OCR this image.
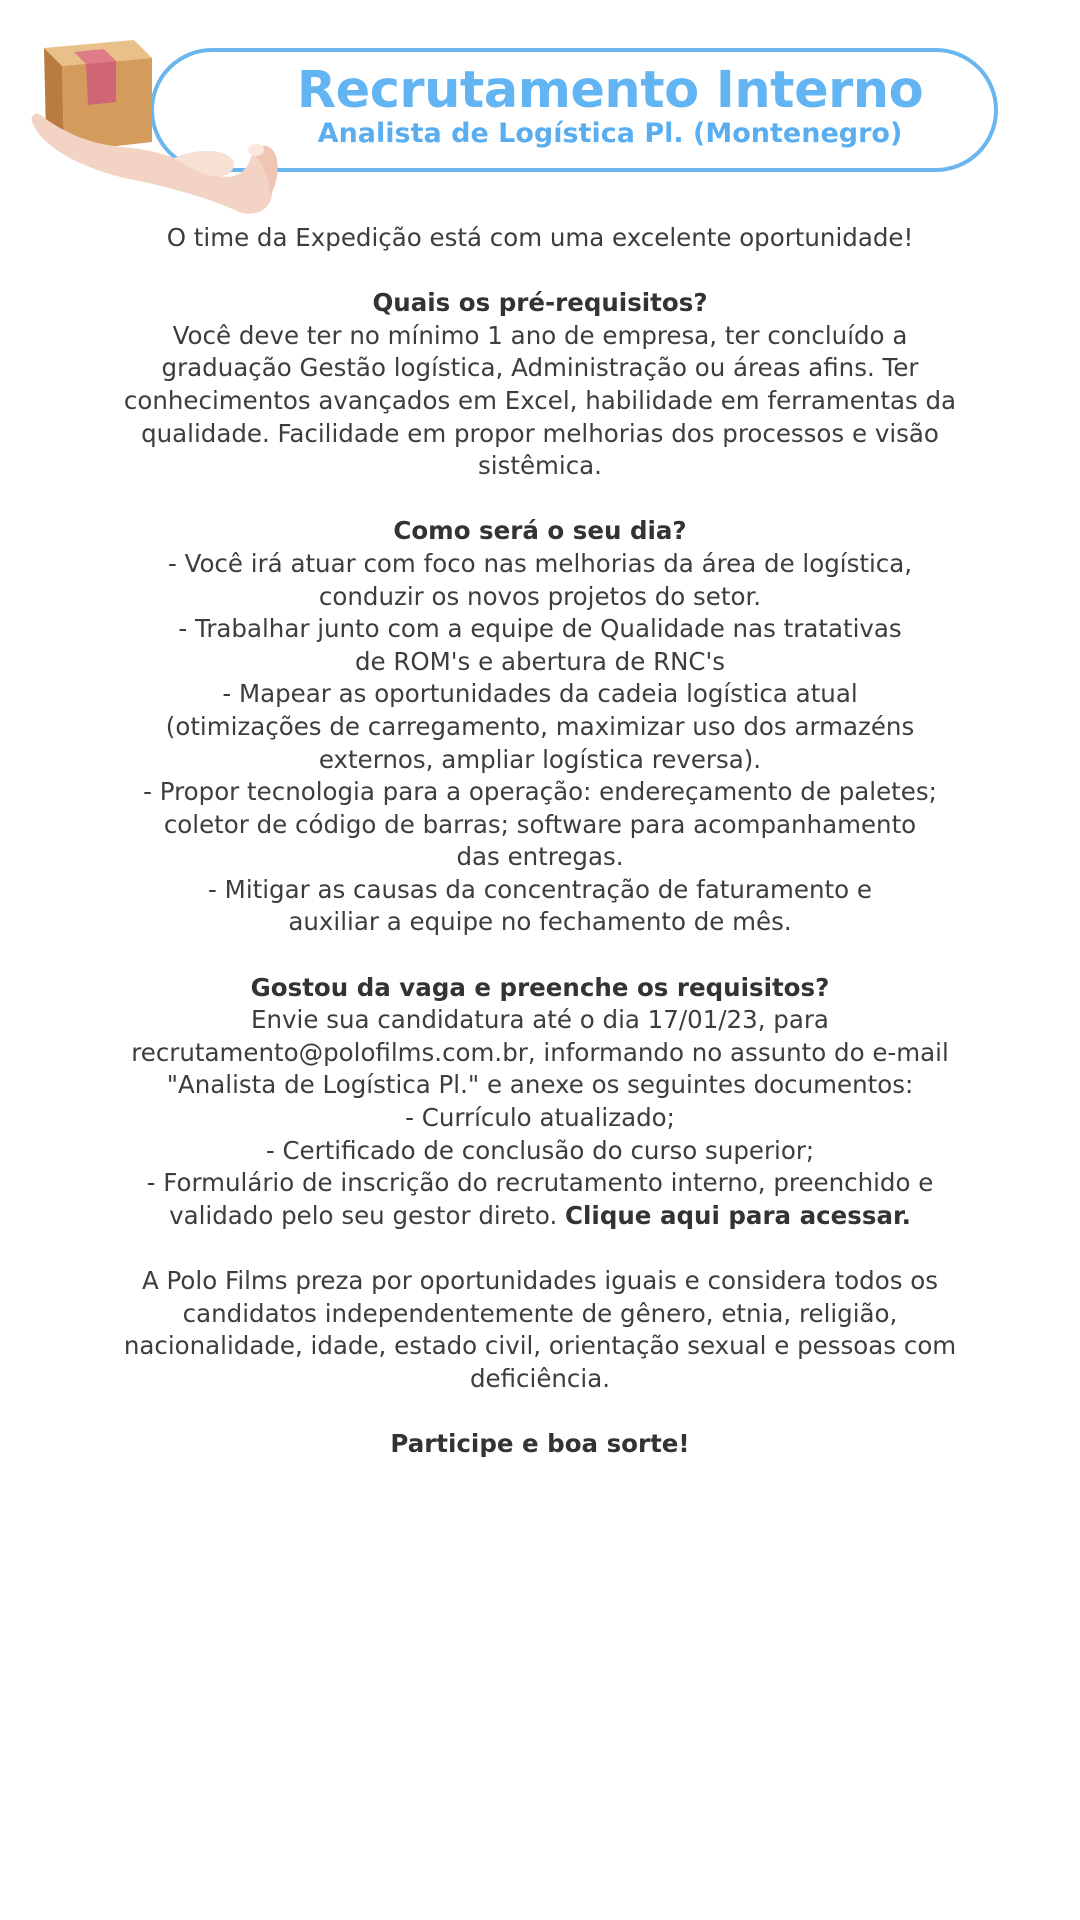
Recrutamento Interno
Analista de Logística Pl. (Montenegro)
O time da Expedição está com uma excelente oportunidade!
Quais os pré-requisitos?
Você deve ter no mínimo 1 ano de empresa, ter concluído a
graduação Gestão logística, Administração ou áreas afins. Ter
conhecimentos avançados em Excel, habilidade em ferramentas da
qualidade. Facilidade em propor melhorias dos processos e visão
sistêmica.
Como será o seu dia?
- Você irá atuar com foco nas melhorias da área de logística,
conduzir os novos projetos do setor.
- Trabalhar junto com a equipe de Qualidade nas tratativas
de ROM's e abertura de RNC's
- Mapear as oportunidades da cadeia logística atual
(otimizações de carregamento, maximizar uso dos armazéns
externos, ampliar logística reversa).
- Propor tecnologia para a operação: endereçamento de paletes;
coletor de código de barras; software para acompanhamento
das entregas.
- Mitigar as causas da concentração de faturamento e
auxiliar a equipe no fechamento de mês.
Gostou da vaga e preenche os requisitos?
Envie sua candidatura até o dia 17/01/23, para
recrutamento@polofilms.com.br, informando no assunto do e-mail
"Analista de Logística Pl." e anexe os seguintes documentos:
- Currículo atualizado;
- Certificado de conclusão do curso superior;
- Formulário de inscrição do recrutamento interno, preenchido e
validado pelo seu gestor direto. Clique aqui para acessar.
A Polo Films preza por oportunidades iguais e considera todos os
candidatos independentemente de gênero, etnia, religião,
nacionalidade, idade, estado civil, orientação sexual e pessoas com
deficiência.
Participe e boa sorte!
